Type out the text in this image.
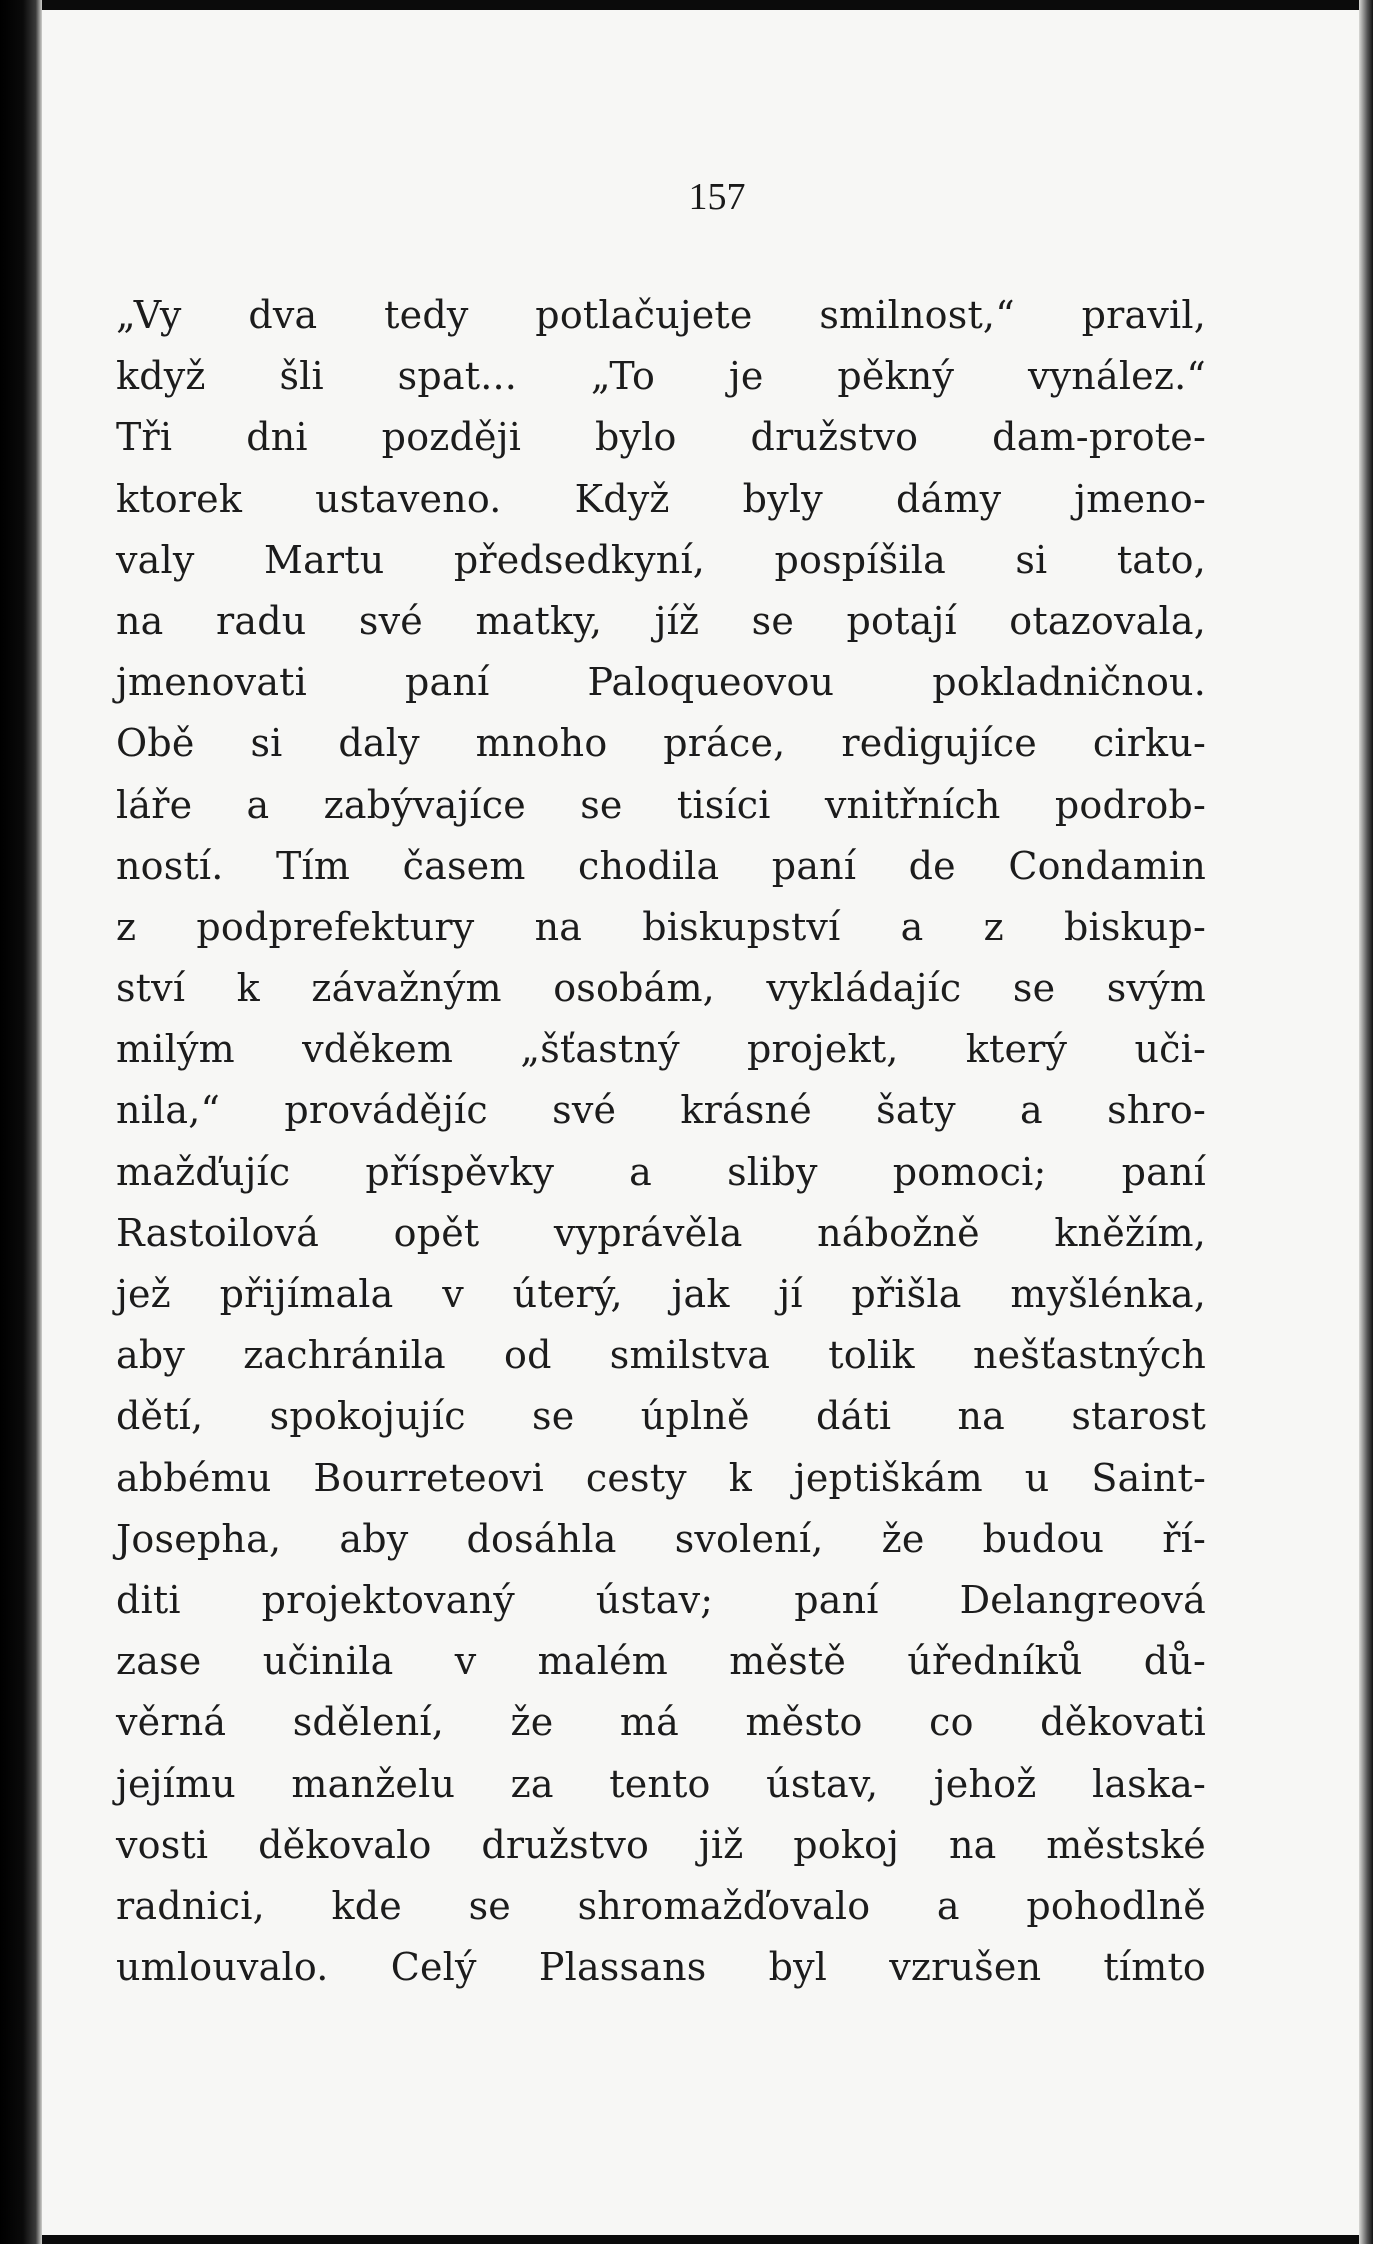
157
„Vy dva tedy potlačujete smilnost,“ pravil,
když šli spat... „To je pěkný vynález.“
Tři dni později bylo družstvo dam-prote-
ktorek ustaveno. Když byly dámy jmeno-
valy Martu předsedkyní, pospíšila si tato,
na radu své matky, jíž se potají otazovala,
jmenovati paní Paloqueovou pokladničnou.
Obě si daly mnoho práce, redigujíce cirku-
láře a zabývajíce se tisíci vnitřních podrob-
ností. Tím časem chodila paní de Condamin
z podprefektury na biskupství a z biskup-
ství k závažným osobám, vykládajíc se svým
milým vděkem „šťastný projekt, který uči-
nila,“ provádějíc své krásné šaty a shro-
mažďujíc příspěvky a sliby pomoci; paní
Rastoilová opět vyprávěla nábožně kněžím,
jež přijímala v úterý, jak jí přišla myšlénka,
aby zachránila od smilstva tolik nešťastných
dětí, spokojujíc se úplně dáti na starost
abbému Bourreteovi cesty k jeptiškám u Saint-
Josepha, aby dosáhla svolení, že budou ří-
diti projektovaný ústav; paní Delangreová
zase učinila v malém městě úředníků dů-
věrná sdělení, že má město co děkovati
jejímu manželu za tento ústav, jehož laska-
vosti děkovalo družstvo již pokoj na městské
radnici, kde se shromažďovalo a pohodlně
umlouvalo. Celý Plassans byl vzrušen tímto
